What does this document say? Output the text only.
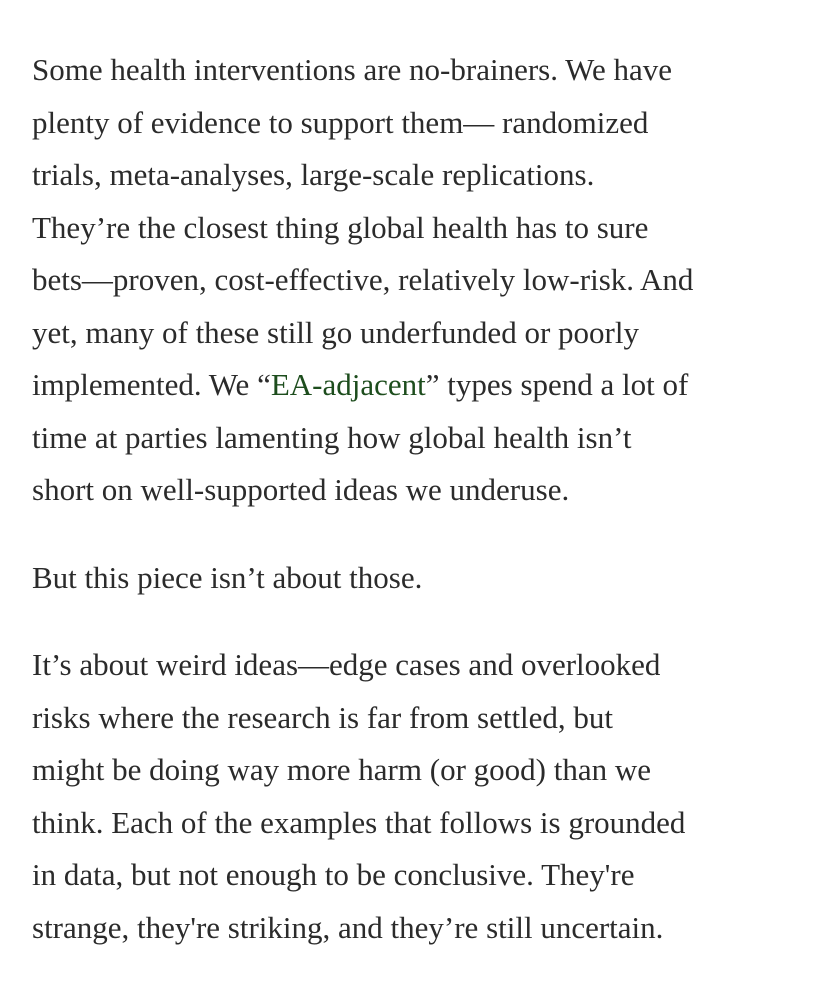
Some health interventions are no-brainers. We have
plenty of evidence to support them— randomized
trials, meta-analyses, large-scale replications.
They’re the closest thing global health has to sure
bets—proven, cost-effective, relatively low-risk. And
yet, many of these still go underfunded or poorly
implemented. We “EA-adjacent” types spend a lot of
time at parties lamenting how global health isn’t
short on well-supported ideas we underuse.

But this piece isn’t about those.

It’s about weird ideas—edge cases and overlooked
risks where the research is far from settled, but
might be doing way more harm (or good) than we
think. Each of the examples that follows is grounded
in data, but not enough to be conclusive. They're
strange, they're striking, and they’re still uncertain.
